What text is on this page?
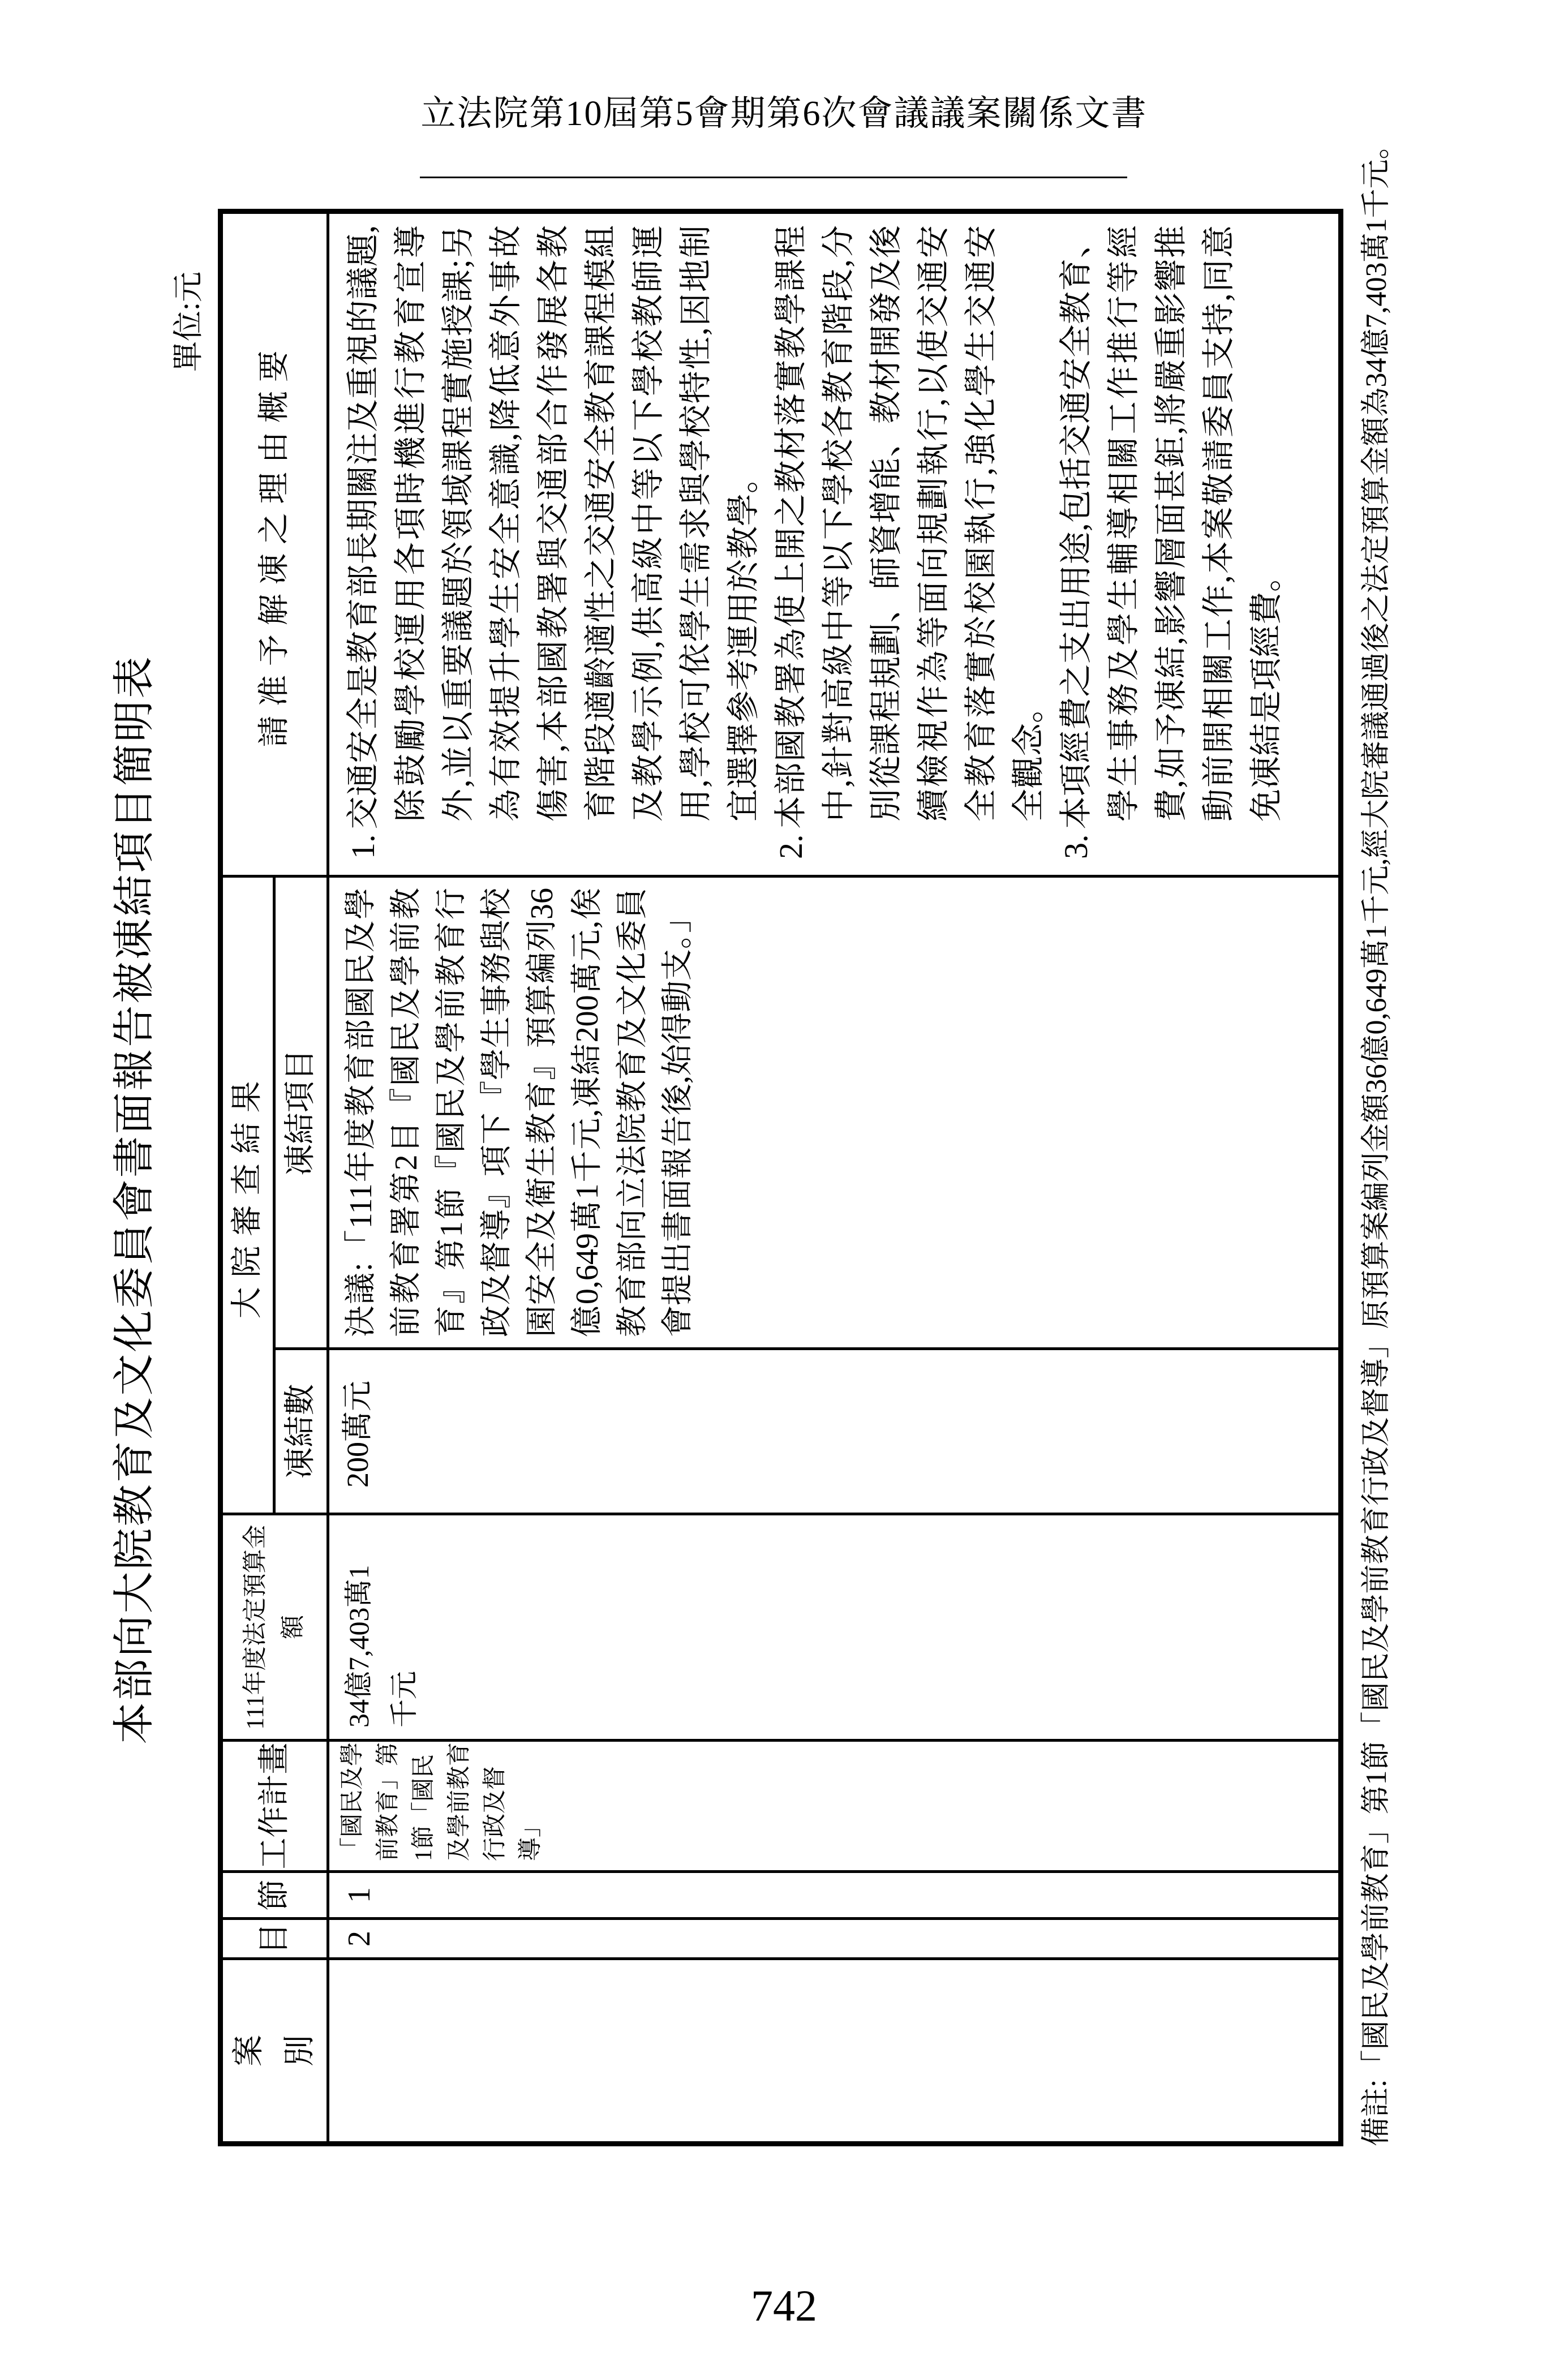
立法院第10屆第5會期第6次會議議案關係文書
本部向大院教育及文化委員會書面報告被凍結項目簡明表
單位:元
案別	目	節	工作計畫	111年度法定預算金額	大院審查結果		請准予解凍之理由概要
					凍結數	凍結項目	
	2	1	「國民及學前教育」第1節「國民及學前教育行政及督導」	34億7,403萬1千元	200萬元	決議:「111年度教育部國民及學前教育署第2目『國民及學前教育』第1節『國民及學前教育行政及督導』項下『學生事務與校園安全及衛生教育』預算編列36億0,649萬1千元,凍結200萬元,俟教育部向立法院教育及文化委員會提出書面報告後,始得動支。」	1.交通安全是教育部長期關注及重視的議題,除鼓勵學校運用各項時機進行教育宣導外,並以重要議題於領域課程實施授課;另為有效提升學生安全意識,降低意外事故傷害,本部國教署與交通部合作發展各教育階段適齡適性之交通安全教育課程模組及教學示例,供高級中等以下學校教師運用,學校可依學生需求與學校特性,因地制宜選擇參考運用於教學。
2.本部國教署為使上開之教材落實教學課程中,針對高級中等以下學校各教育階段,分別從課程規劃、師資增能、教材開發及後續檢視作為等面向規劃執行,以使交通安全教育落實於校園執行,強化學生交通安全觀念。
3.本項經費之支出用途,包括交通安全教育、學生事務及學生輔導相關工作推行等經費,如予凍結,影響層面甚鉅,將嚴重影響推動前開相關工作,本案敬請委員支持,同意免凍結是項經費。	備註:「國民及學前教育」第1節「國民及學前教育行政及督導」原預算案編列金額36億0,649萬1千元,經大院審議通過後之法定預算金額為34億7,403萬1千元。
742
